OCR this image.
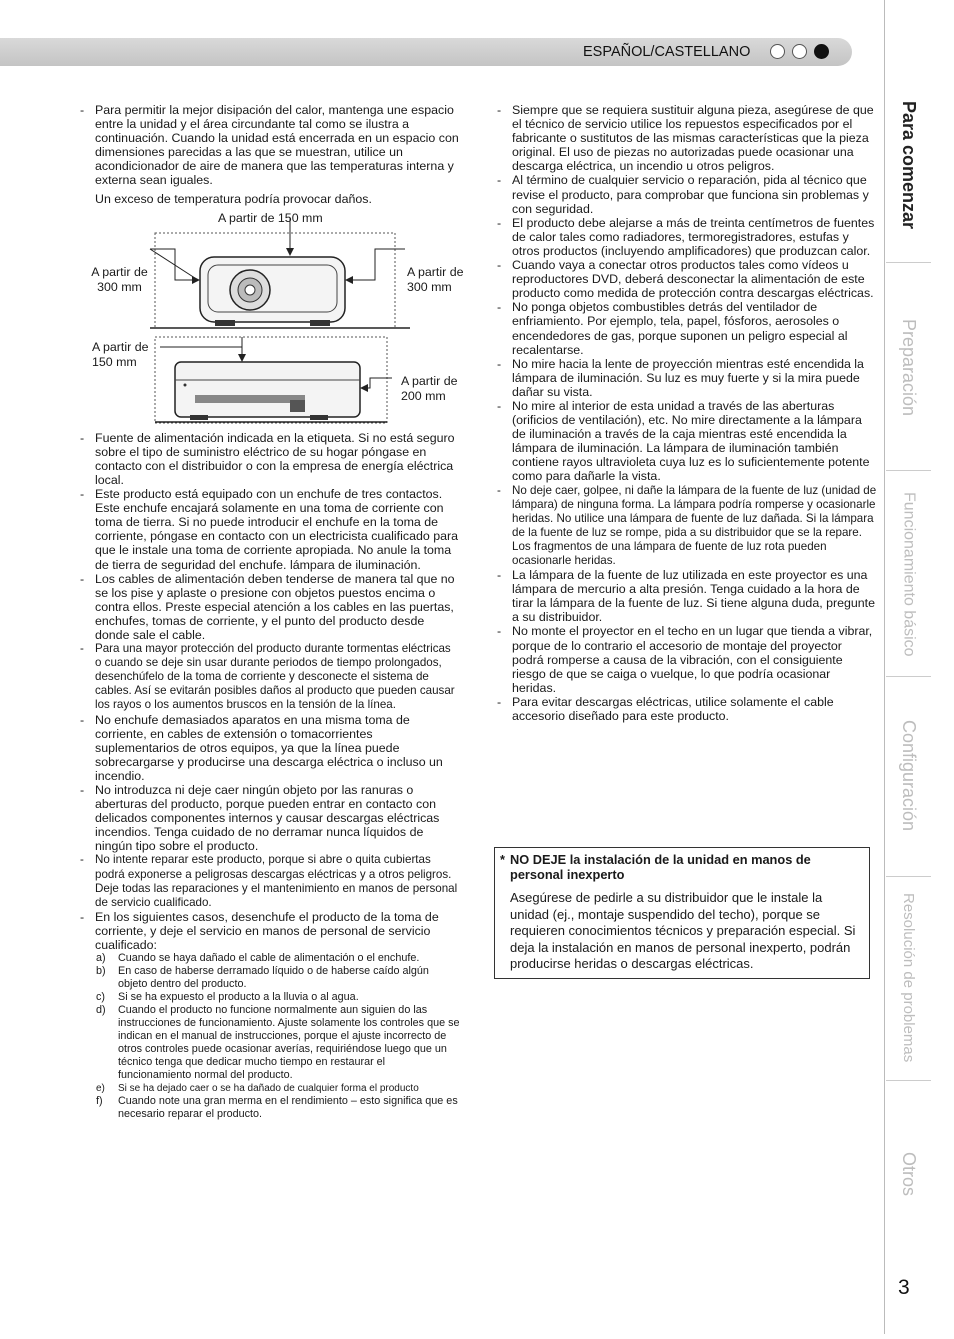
ESPAÑOL/CASTELLANO

- Para permitir la mejor disipación del calor, mantenga une espacio entre la unidad y el área circundante tal como se ilustra a continuación. Cuando la unidad está encerrada en un espacio con dimensiones parecidas a las que se muestran, utilice un acondicionador de aire de manera que las temperaturas interna y externa sean iguales.

Un exceso de temperatura podría provocar daños.

A partir de 150 mm
A partir de
300 mm
A partir de
300 mm
A partir de
150 mm
A partir de
200 mm

- Fuente de alimentación indicada en la etiqueta. Si no está seguro sobre el tipo de suministro eléctrico de su hogar póngase en contacto con el distribuidor o con la empresa de energía eléctrica local.

- Este producto está equipado con un enchufe de tres contactos. Este enchufe encajará solamente en una toma de corriente con toma de tierra. Si no puede introducir el enchufe en la toma de corriente, póngase en contacto con un electricista cualificado para que le instale una toma de corriente apropiada. No anule la toma de tierra de seguridad del enchufe. lámpara de iluminación.

- Los cables de alimentación deben tenderse de manera tal que no se los pise y aplaste o presione con objetos puestos encima o contra ellos. Preste especial atención a los cables en las puertas, enchufes, tomas de corriente, y el punto del producto desde donde sale el cable.

- Para una mayor protección del producto durante tormentas eléctricas o cuando se deje sin usar durante periodos de tiempo prolongados, desenchúfelo de la toma de corriente y desconecte el sistema de cables. Así se evitarán posibles daños al producto que pueden causar los rayos o los aumentos bruscos en la tensión de la línea.

- No enchufe demasiados aparatos en una misma toma de corriente, en cables de extensión o tomacorrientes suplementarios de otros equipos, ya que la línea puede sobrecargarse y producirse una descarga eléctrica o incluso un incendio.

- No introduzca ni deje caer ningún objeto por las ranuras o aberturas del producto, porque pueden entrar en contacto con delicados componentes internos y causar descargas eléctricas incendios. Tenga cuidado de no derramar nunca líquidos de ningún tipo sobre el producto.

- No intente reparar este producto, porque si abre o quita cubiertas podrá exponerse a peligrosas descargas eléctricas y a otros peligros. Deje todas las reparaciones y el mantenimiento en manos de personal de servicio cualificado.

- En los siguientes casos, desenchufe el producto de la toma de corriente, y deje el servicio en manos de personal de servicio cualificado:

a) Cuando se haya dañado el cable de alimentación o el enchufe.

b) En caso de haberse derramado líquido o de haberse caído algún objeto dentro del producto.

c) Si se ha expuesto el producto a la lluvia o al agua.

d) Cuando el producto no funcione normalmente aun siguien do las instrucciones de funcionamiento. Ajuste solamente los controles que se indican en el manual de instrucciones, porque el ajuste incorrecto de otros controles puede ocasionar averías, requiriéndose luego que un técnico tenga que dedicar mucho tiempo en restaurar el funcionamiento normal del producto.

e) Si se ha dejado caer o se ha dañado de cualquier forma el producto

f) Cuando note una gran merma en el rendimiento – esto significa que es necesario reparar el producto.

- Siempre que se requiera sustituir alguna pieza, asegúrese de que el técnico de servicio utilice los repuestos especificados por el fabricante o sustitutos de las mismas características que la pieza original. El uso de piezas no autorizadas puede ocasionar una descarga eléctrica, un incendio u otros peligros.

- Al término de cualquier servicio o reparación, pida al técnico que revise el producto, para comprobar que funciona sin problemas y con seguridad.

- El producto debe alejarse a más de treinta centímetros de fuentes de calor tales como radiadores, termoregistradores, estufas y otros productos (incluyendo amplificadores) que produzcan calor.

- Cuando vaya a conectar otros productos tales como vídeos u reproductores DVD, deberá desconectar la alimentación de este producto como medida de protección contra descargas eléctricas.

- No ponga objetos combustibles detrás del ventilador de enfriamiento. Por ejemplo, tela, papel, fósforos, aerosoles o encendedores de gas, porque suponen un peligro especial al recalentarse.

- No mire hacia la lente de proyección mientras esté encendida la lámpara de iluminación. Su luz es muy fuerte y si la mira puede dañar su vista.

- No mire al interior de esta unidad a través de las aberturas (orificios de ventilación), etc. No mire directamente a la lámpara de iluminación a través de la caja mientras esté encendida la lámpara de iluminación. La lámpara de iluminación también contiene rayos ultravioleta cuya luz es lo suficientemente potente como para dañarle la vista.

- No deje caer, golpee, ni dañe la lámpara de la fuente de luz (unidad de lámpara) de ninguna forma. La lámpara podría romperse y ocasionarle heridas. No utilice una lámpara de fuente de luz dañada. Si la lámpara de la fuente de luz se rompe, pida a su distribuidor que se la repare. Los fragmentos de una lámpara de fuente de luz rota pueden ocasionarle heridas.

- La lámpara de la fuente de luz utilizada en este proyector es una lámpara de mercurio a alta presión. Tenga cuidado a la hora de tirar la lámpara de la fuente de luz. Si tiene alguna duda, pregunte a su distribuidor.

- No monte el proyector en el techo en un lugar que tienda a vibrar, porque de lo contrario el accesorio de montaje del proyector podrá romperse a causa de la vibración, con el consiguiente riesgo de que se caiga o vuelque, lo que podría ocasionar heridas.

- Para evitar descargas eléctricas, utilice solamente el cable accesorio diseñado para este producto.

* NO DEJE la instalación de la unidad en manos de personal inexperto
Asegúrese de pedirle a su distribuidor que le instale la unidad (ej., montaje suspendido del techo), porque se requieren conocimientos técnicos y preparación especial. Si deja la instalación en manos de personal inexperto, podrán producirse heridas o descargas eléctricas.
Para comenzar
Preparación
Funcionamiento básico
Configuración
Resolución de problemas
Otros
3
